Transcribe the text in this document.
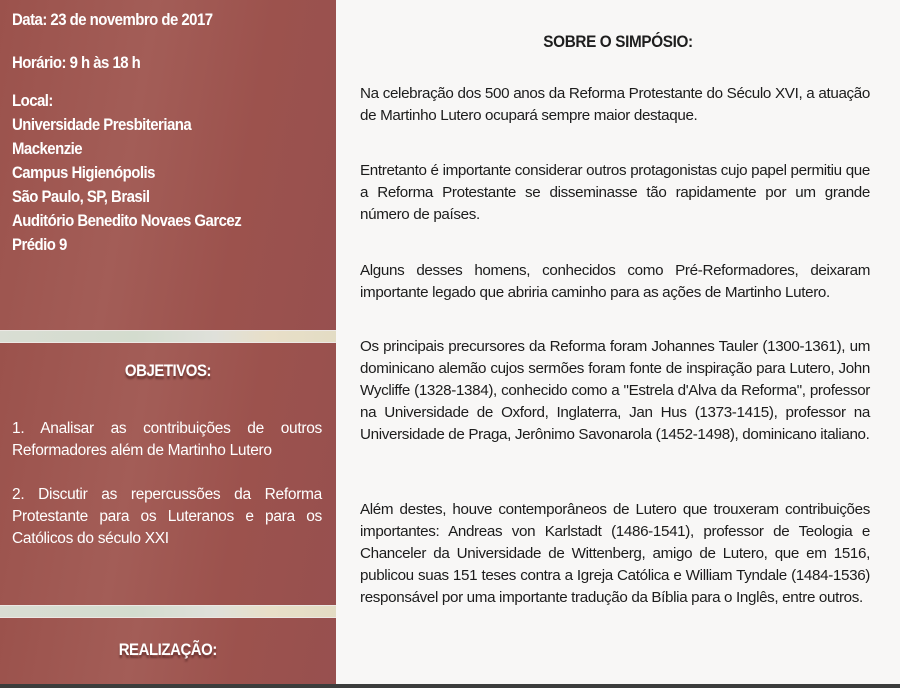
Data: 23 de novembro de 2017

Horário: 9 h às 18 h

Local:

Universidade Presbiteriana
Mackenzie
Campus Higienópolis
São Paulo, SP, Brasil
Auditório Benedito Novaes Garcez
Prédio 9
OBJETIVOS:

1. Analisar as contribuições de outros Reformadores além de Martinho Lutero

2. Discutir as repercussões da Reforma Protestante para os Luteranos e para os Católicos do século XXI

REALIZAÇÃO:
SOBRE O SIMPÓSIO:

Na celebração dos 500 anos da Reforma Protestante do Século XVI, a atuação de Martinho Lutero ocupará sempre maior destaque.

Entretanto é importante considerar outros protagonistas cujo papel permitiu que a Reforma Protestante se disseminasse tão rapidamente por um grande número de países.

Alguns desses homens, conhecidos como Pré-Reformadores, deixaram importante legado que abriria caminho para as ações de Martinho Lutero.

Os principais precursores da Reforma foram Johannes Tauler (1300-1361), um dominicano alemão cujos sermões foram fonte de inspiração para Lutero, John Wycliffe (1328-1384), conhecido como a "Estrela d'Alva da Reforma", professor na Universidade de Oxford, Inglaterra, Jan Hus (1373-1415), professor na Universidade de Praga, Jerônimo Savonarola (1452-1498), dominicano italiano.

Além destes, houve contemporâneos de Lutero que trouxeram contribuições importantes: Andreas von Karlstadt (1486-1541), professor de Teologia e Chanceler da Universidade de Wittenberg, amigo de Lutero, que em 1516, publicou suas 151 teses contra a Igreja Católica e William Tyndale (1484-1536) responsável por uma importante tradução da Bíblia para o Inglês, entre outros.
